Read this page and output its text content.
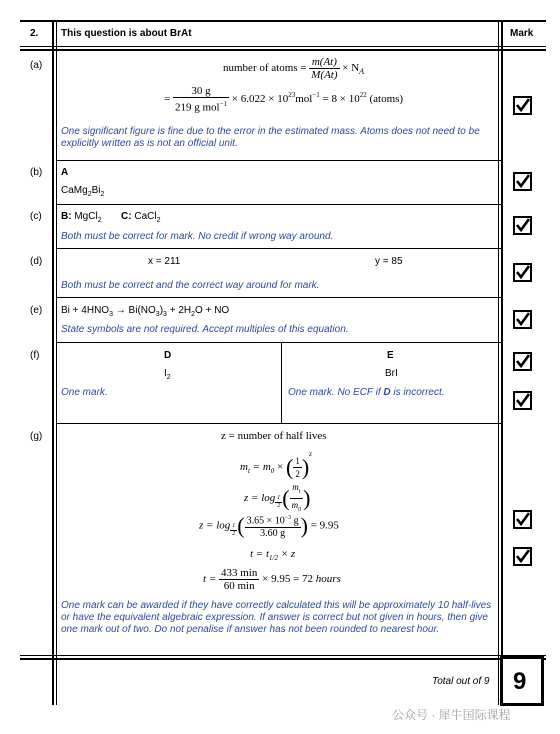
2. This question is about BrAt	Mark
(a)	number of atoms = $\frac{m(At)}{M(At)} \times N_A$
= $\frac{30 g}{219 g mol^{-1}} \times 6.022 \times 10^{23}mol^{-1} = 8 \times 10^{22}$ (atoms)
One significant figure is fine due to the error in the estimated mass. Atoms does not need to be explicitly written as is not an official unit.
(b) A
$CaMg_2Bi_2$
(c) B: MgCl$_2$ C: CaCl$_2$
Both must be correct for mark. No credit if wrong way around.
(d)	x = 211	y = 85
Both must be correct and the correct way around for mark.
(e) $Bi + 4HNO_3 \to Bi(NO_3)_3 + 2H_2O$ + NO
State symbols are not required. Accept multiples of this equation.
(f)	D
$I_2$
One mark.
E
BrI
One mark. No ECF if D is incorrect.
(g)	z = number of half lives
$m_t = m_0$ × ( $\frac{1}{2} )^z$
$z = \log \frac{1}{2}$ ( $\frac{m_t}{m_0}$ )
$z = \log \frac{1}{2}$ ( $\frac{3.65 \times 10^{-3} g}{3.60 g}$ ) = 9.95
$t = t_{1/2} \times z$
$t = \frac{433 \min}{60 \min} \times 9.95 = 72$ hours
One mark can be awarded if they have correctly calculated this will be approximately 10 half-lives or have the equivalent algebraic expression. If answer is correct but not given in hours, then give one mark out of two. Do not penalise if answer has not been rounded to nearest hour.
Total out of 9 9
公众号 · 犀牛国际课程
